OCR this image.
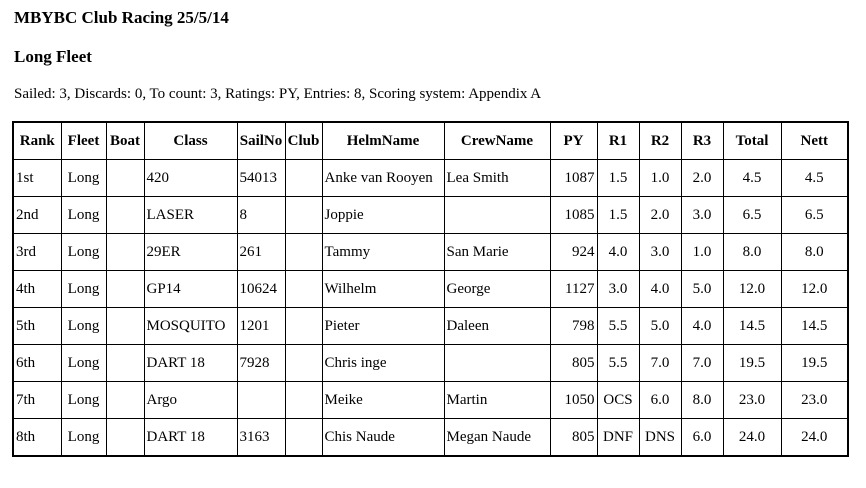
MBYBC Club Racing 25/5/14
Long Fleet

Sailed: 3, Discards: 0, To count: 3, Ratings: PY, Entries: 8, Scoring system: Appendix A

Rank	Fleet	Boat	Class	SailNo	Club	HelmName	CrewName	PY	R1	R2	R3	Total	Nett
1st	Long		420	54013		Anke van Rooyen	Lea Smith	1087	1.5	1.0	2.0	4.5	4.5
2nd	Long		LASER	8		Joppie		1085	1.5	2.0	3.0	6.5	6.5
3rd	Long		29ER	261		Tammy	San Marie	924	4.0	3.0	1.0	8.0	8.0
4th	Long		GP14	10624		Wilhelm	George	1127	3.0	4.0	5.0	12.0	12.0
5th	Long		MOSQUITO	1201		Pieter	Daleen	798	5.5	5.0	4.0	14.5	14.5
6th	Long		DART 18	7928		Chris inge		805	5.5	7.0	7.0	19.5	19.5
7th	Long		Argo			Meike	Martin	1050	OCS	6.0	8.0	23.0	23.0
8th	Long		DART 18	3163		Chis Naude	Megan Naude	805	DNF	DNS	6.0	24.0	24.0
